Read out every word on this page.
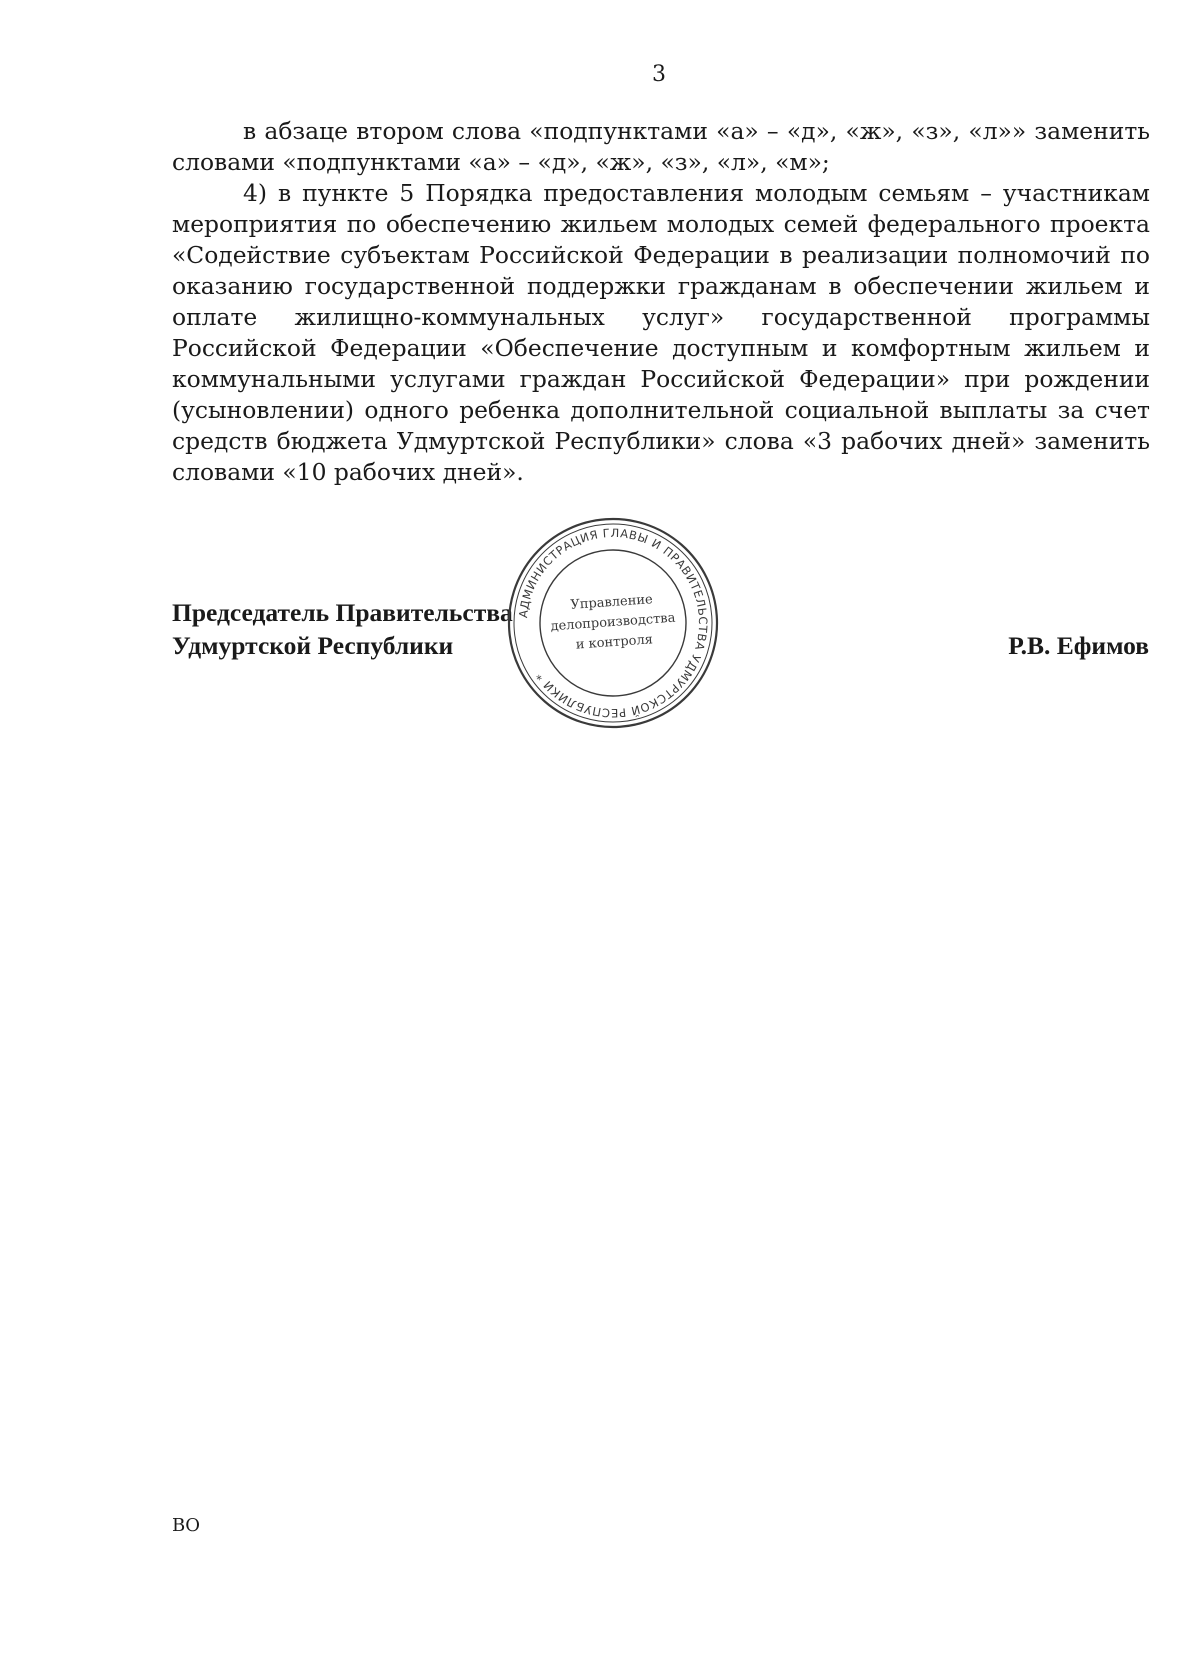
3

в абзаце втором слова «подпунктами «а» – «д», «ж», «з», «л»» заменить словами «подпунктами «а» – «д», «ж», «з», «л», «м»;

4) в пункте 5 Порядка предоставления молодым семьям – участникам мероприятия по обеспечению жильем молодых семей федерального проекта «Содействие субъектам Российской Федерации в реализации полномочий по оказанию государственной поддержки гражданам в обеспечении жильем и оплате жилищно-коммунальных услуг» государственной программы Российской Федерации «Обеспечение доступным и комфортным жильем и коммунальными услугами граждан Российской Федерации» при рождении (усыновлении) одного ребенка дополнительной социальной выплаты за счет средств бюджета Удмуртской Республики» слова «3 рабочих дней» заменить словами «10 рабочих дней».

Председатель Правительства
Удмуртской Республики	Р.В. Ефимов
АДМИНИСТРАЦИЯ ГЛАВЫ И ПРАВИТЕЛЬСТВА УДМУРТСКОЙ РЕСПУБЛИКИ *
Управление
делопроизводства
и контроля
ВО
